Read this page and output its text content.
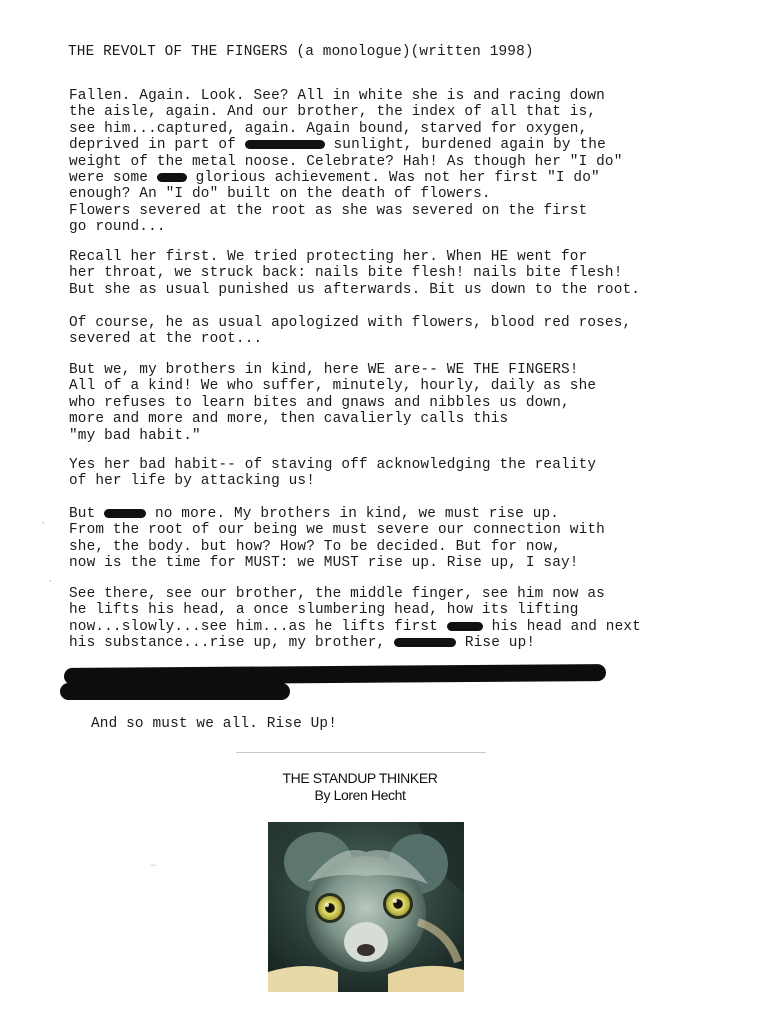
THE REVOLT OF THE FINGERS (a monologue)(written 1998)

Fallen. Again. Look. See? All in white she is and racing down

the aisle, again. And our brother, the index of all that is,

see him...captured, again. Again bound, starved for oxygen,

deprived in part of	sunlight, burdened again by the

weight of the metal noose. Celebrate? Hah! As though her "I do"

were some  glorious achievement. Was not her first "I do"

enough? An "I do" built on the death of flowers.

Flowers severed at the root as she was severed on the first

go round...

Recall her first. We tried protecting her. When HE went for

her throat, we struck back: nails bite flesh! nails bite flesh!

But she as usual punished us afterwards. Bit us down to the root.

Of course, he as usual apologized with flowers, blood red roses,

severed at the root...

But we, my brothers in kind, here WE are-- WE THE FINGERS!

All of a kind! We who suffer, minutely, hourly, daily as she

who refuses to learn bites and gnaws and nibbles us down,

more and more and more, then cavalierly calls this

"my bad habit."

Yes her bad habit-- of staving off acknowledging the reality

of her life by attacking us!

But	no more. My brothers in kind, we must rise up.

From the root of our being we must severe our connection with

she, the body. but how? How? To be decided. But for now,

now is the time for MUST: we MUST rise up. Rise up, I say!

See there, see our brother, the middle finger, see him now as

he lifts his head, a once slumbering head, how its lifting

now...slowly...see him...as he lifts first	his head and next

his substance...rise up, my brother,	Rise up!

And so must we all. Rise Up!
THE STANDUP THINKER
By Loren Hecht
·
·
–
